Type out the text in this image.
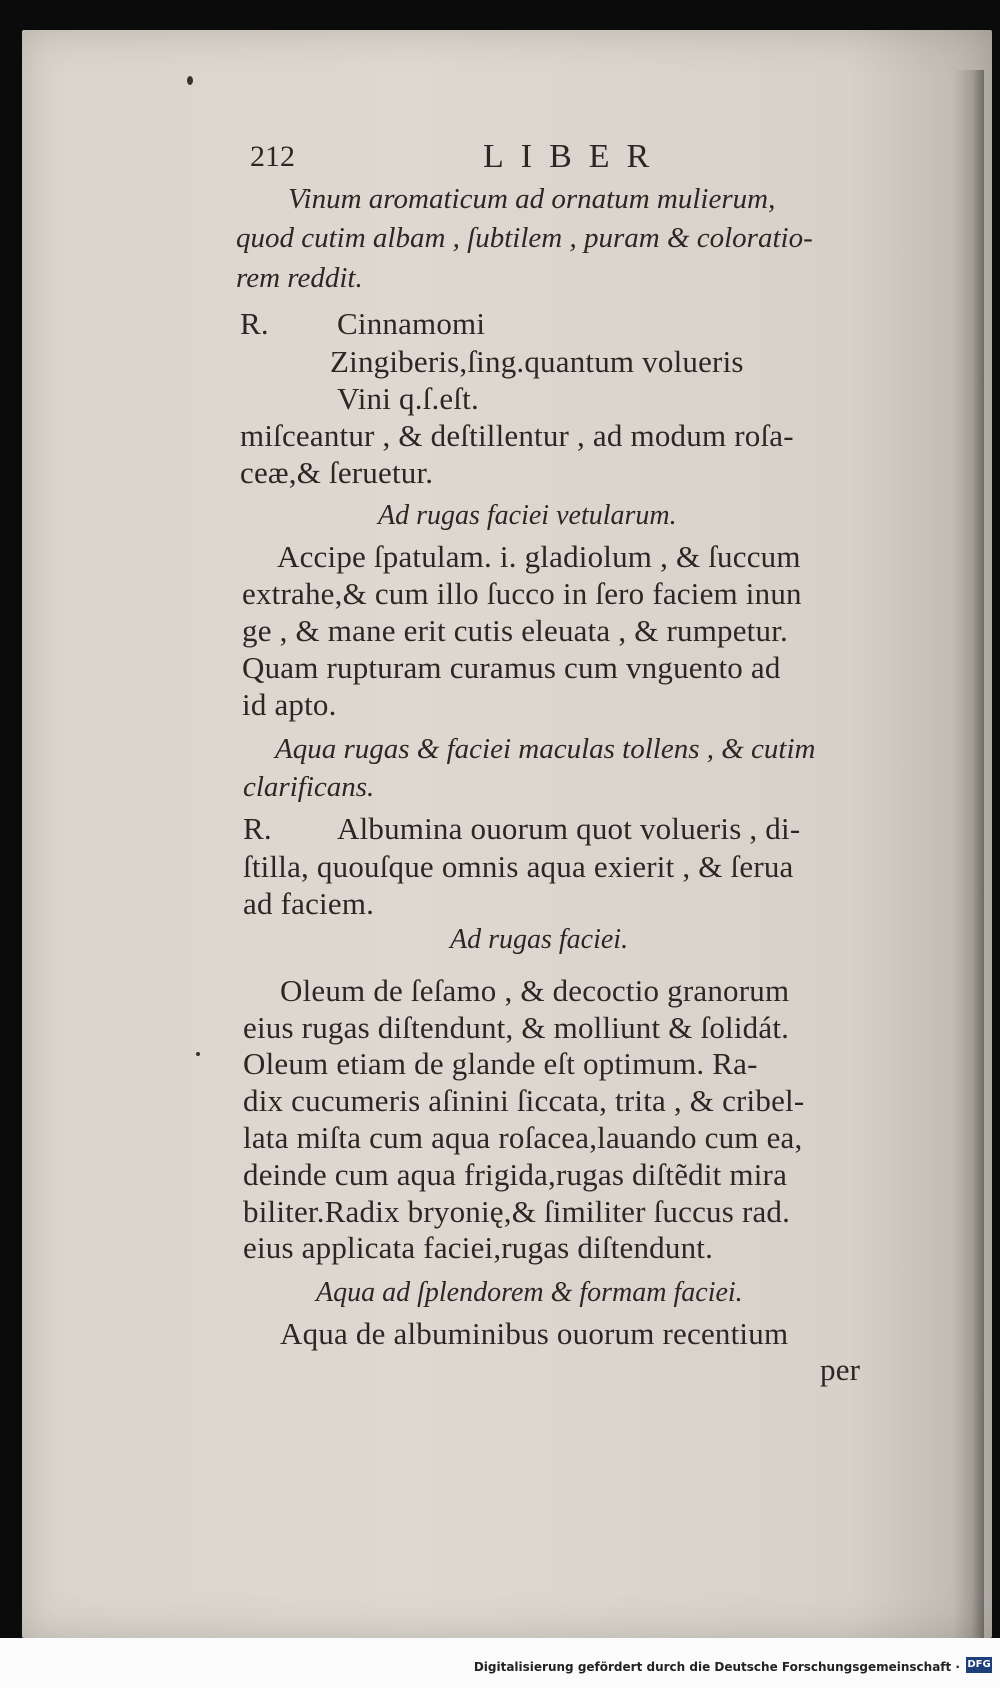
212	LIBER

Vinum aromaticum ad ornatum mulierum,

quod cutim albam , ſubtilem , puram & coloratio-

rem reddit.

R. Cinnamomi

Zingiberis,ſing.quantum volueris

Vini q.ſ.eſt.

miſceantur , & deſtillentur , ad modum roſa-

ceæ,& ſeruetur.

Ad rugas faciei vetularum.

Accipe ſpatulam. i. gladiolum , & ſuccum

extrahe,& cum illo ſucco in ſero faciem inun

ge , & mane erit cutis eleuata , & rumpetur.

Quam rupturam curamus cum vnguento ad

id apto.

Aqua rugas & faciei maculas tollens , & cutim

clarificans.

R. Albumina ouorum quot volueris , di-

ſtilla, quouſque omnis aqua exierit , & ſerua

ad faciem.

Ad rugas faciei.

Oleum de ſeſamo , & decoctio granorum

eius rugas diſtendunt, & molliunt & ſolidát.

Oleum etiam de glande eſt optimum. Ra-

dix cucumeris aſinini ſiccata, trita , & cribel-

lata miſta cum aqua roſacea,lauando cum ea,

deinde cum aqua frigida,rugas diſtẽdit mira

biliter.Radix bryonię,& ſimiliter ſuccus rad.

eius applicata faciei,rugas diſtendunt.

Aqua ad ſplendorem & formam faciei.

Aqua de albuminibus ouorum recentium

per

Digitalisierung gefördert durch die Deutsche Forschungsgemeinschaft · DFG
